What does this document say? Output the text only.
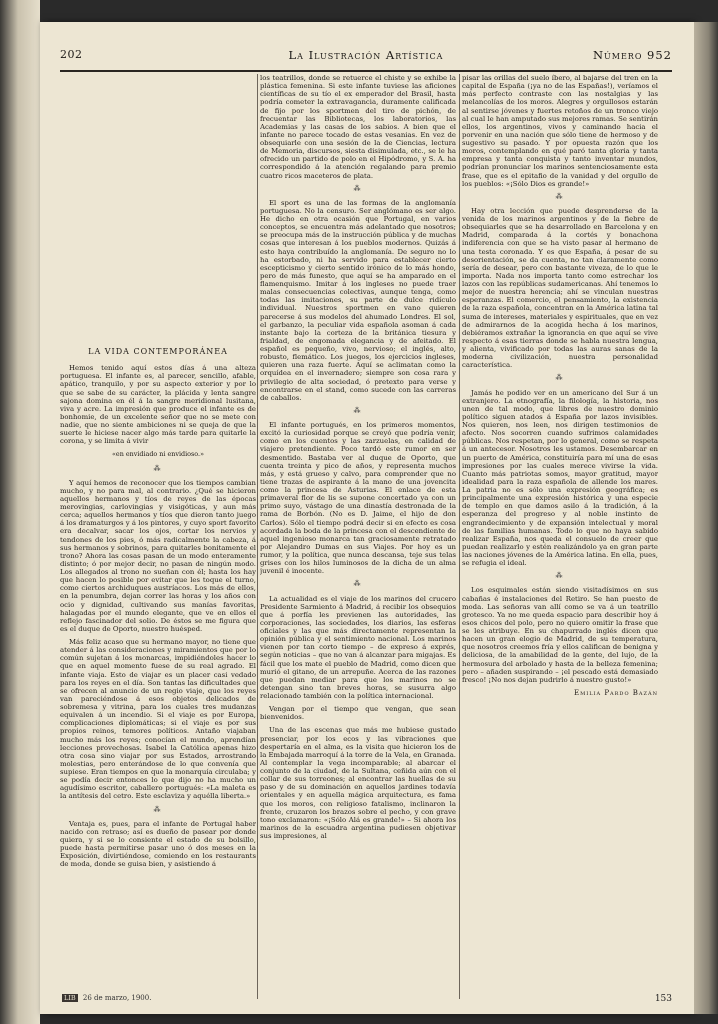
202	La Ilustración Artística	Número 952
LA VIDA CONTEMPORÁNEA

Hemos tenido aquí estos días á una alteza portuguesa. El infante es, al parecer, sencillo, afable, apático, tranquilo, y por su aspecto exterior y por lo que se sabe de su carácter, la plácida y lenta sangre sajona domina en él á la sangre meridional lusitana, viva y acre. La impresión que produce el infante es de bonhomie, de un excelente señor que no se mete con nadie, que no siente ambiciones ni se queja de que la suerte le hiciese nacer algo más tarde para quitarle la corona, y se limita á vivir

«en envidiado ni envidioso.»
⁂

Y aquí hemos de reconocer que los tiempos cambian mucho, y no para mal, al contrario. ¿Qué se hicieron aquellos hermanos y tíos de reyes de las épocas merovingias, carlovingias y visigóticas, y aun más cerca; aquellos hermanos y tíos que dieron tanto juego á los dramaturgos y á los pintores, y cuyo sport favorito era decalvar, sacar los ojos, cortar los nervios y tendones de los pies, ó más radicalmente la cabeza, á sus hermanos y sobrinos, para quitarles bonitamente el trono? Ahora las cosas pasan de un modo enteramente distinto; ó por mejor decir, no pasan de ningún modo. Los allegados al trono no sueñan con él; hasta los hay que hacen lo posible por evitar que les toque el turno, como ciertos archiduques austríacos. Los más de ellos, en la penumbra, dejan correr las horas y los años con ocio y dignidad, cultivando sus manías favoritas, halagadas por el mundo elegante, que ve en ellos el reflejo fascinador del solio. De éstos se me figura que es el duque de Oporto, nuestro huésped.

Más feliz acaso que su hermano mayor, no tiene que atender á las consideraciones y miramientos que por lo común sujetan á los monarcas, impidiéndoles hacer lo que en aquel momento fuese de su real agrado. El infante viaja. Esto de viajar es un placer casi vedado para los reyes en el día. Son tantas las dificultades que se ofrecen al anuncio de un regio viaje, que los reyes van pareciéndose á esos objetos delicados de sobremesa y vitrina, para los cuales tres mudanzas equivalen á un incendio. Si el viaje es por Europa, complicaciones diplomáticas; si el viaje es por sus propios reinos, temores políticos. Antaño viajaban mucho más los reyes; conocían el mundo, aprendían lecciones provechosas. Isabel la Católica apenas hizo otra cosa sino viajar por sus Estados, arrostrando molestias, pero enterándose de lo que convenía que supiese. Eran tiempos en que la monarquía circulaba; y se podía decir entonces lo que dijo no ha mucho un agudísimo escritor, caballero portugués: «La maleta es la antítesis del cetro. Este esclaviza y aquélla liberta.»

⁂

Ventaja es, pues, para el infante de Portugal haber nacido con retraso; así es dueño de pasear por donde quiera, y si se lo consiente el estado de su bolsillo, puede hasta permitirse pasar uno ó dos meses en la Exposición, divirtiéndose, comiendo en los restaurants de moda, donde se guisa bien, y asistiendo á

los teatrillos, donde se retuerce el chiste y se exhibe la plástica femenina. Si este infante tuviese las aficiones científicas de su tío el ex emperador del Brasil, hasta podría cometer la extravagancia, duramente calificada de fijo por los sportmen del tiro de pichón, de frecuentar las Bibliotecas, los laboratorios, las Academias y las casas de los sabios. A bien que el infante no parece tocado de estas vesanias. En vez de obsequiarle con una sesión de la de Ciencias, lectura de Memoria, discursos, siesta disimulada, etc., se le ha ofrecido un partido de polo en el Hipódromo, y S. A. ha correspondido á la atención regalando para premio cuatro ricos maceteros de plata.

⁂

El sport es una de las formas de la anglomanía portuguesa. No la censuro. Ser anglómano es ser algo. He dicho en otra ocasión que Portugal, en varios conceptos, se encuentra más adelantado que nosotros; se preocupa más de la instrucción pública y de muchas cosas que interesan á los pueblos modernos. Quizás á esto haya contribuído la anglomanía. De seguro no lo ha estorbado, ni ha servido para establecer cierto escepticismo y cierto sentido irónico de lo más hondo, pero de más funesto, que aquí se ha amparado en el flamenquismo. Imitar á los ingleses no puede traer malas consecuencias colectivas, aunque tenga, como todas las imitaciones, su parte de dulce ridículo individual. Nuestros sportmen en vano quieren parecerse á sus modelos del ahumado Londres. El sol, el garbanzo, la peculiar vida española asoman á cada instante bajo la corteza de la británica tiesura y frialdad, de engomada elegancia y de afeitado. El español es pequeño, vivo, nervioso; el inglés, alto, robusto, flemático. Los juegos, los ejercicios ingleses, quieren una raza fuerte. Aquí se aclimatan como la orquídea en el invernadero; siempre son cosa rara y privilegio de alta sociedad, ó pretexto para verse y encontrarse en el stand, como sucede con las carreras de caballos.

⁂

El infante portugués, en los primeros momentos, excitó la curiosidad porque se creyó que podría venir, como en los cuentos y las zarzuelas, en calidad de viajero pretendiente. Poco tardó este rumor en ser desmentido. Bastaba ver al duque de Oporto, que cuenta treinta y pico de años, y representa muchos más, y está grueso y calvo, para comprender que no tiene trazas de aspirante á la mano de una jovencita como la princesa de Asturias. El enlace de esta primaveral flor de lis se supone concertado ya con un primo suyo, vástago de una dinastía destronada de la rama de Borbón. (No es D. Jaime, el hijo de don Carlos). Sólo el tiempo podrá decir si en efecto es cosa acordada la boda de la princesa con el descendiente de aquel ingenioso monarca tan graciosamente retratado por Alejandro Dumas en sus Viajes. Por hoy es un rumor, y la política, que nunca descansa, teje sus telas grises con los hilos luminosos de la dicha de un alma juvenil é inocente.

⁂

La actualidad es el viaje de los marinos del crucero Presidente Sarmiento á Madrid, á recibir los obsequios que á porfía les previenen las autoridades, las corporaciones, las sociedades, los diarios, las esferas oficiales y las que más directamente representan la opinión pública y el sentimiento nacional. Los marinos vienen por tan corto tiempo – de expreso á exprés, según noticias – que no van á alcanzar para migajas. Es fácil que los mate el pueblo de Madrid, como dicen que murió el gitano, de un arrepuñe. Acerca de las razones que puedan mediar para que los marinos no se detengan sino tan breves horas, se susurra algo relacionado también con la política internacional.

Vengan por el tiempo que vengan, que sean bienvenidos.

Una de las escenas que más me hubiese gustado presenciar, por los ecos y las vibraciones que despertaría en el alma, es la visita que hicieron los de la Embajada marroquí á la torre de la Vela, en Granada. Al contemplar la vega incomparable; al abarcar el conjunto de la ciudad, de la Sultana, ceñida aún con el collar de sus torreones; al encontrar las huellas de su paso y de su dominación en aquellos jardines todavía orientales y en aquella mágica arquitectura, es fama que los moros, con religioso fatalismo, inclinaron la frente, cruzaron los brazos sobre el pecho, y con grave tono exclamaron: «¡Sólo Alá es grande!» – Si ahora los marinos de la escuadra argentina pudiesen objetivar sus impresiones, al

pisar las orillas del suelo íbero, al bajarse del tren en la capital de España (¡ya no de las Españas!), veríamos el más perfecto contraste con las nostalgias y las melancolías de los moros. Alegres y orgullosos estarán al sentirse jóvenes y fuertes retoños de un tronco viejo al cual le han amputado sus mejores ramas. Se sentirán ellos, los argentinos, vivos y caminando hacia el porvenir en una nación que sólo tiene de hermoso y de sugestivo su pasado. Y por opuesta razón que los moros, contemplando en qué paró tanta gloria y tanta empresa y tanta conquista y tanto inventar mundos, podrían pronunciar los marinos sentenciosamente esta frase, que es el epitafio de la vanidad y del orgullo de los pueblos: «¡Sólo Dios es grande!»

⁂

Hay otra lección que puede desprenderse de la venida de los marinos argentinos y de la fiebre de obsequiarles que se ha desarrollado en Barcelona y en Madrid, comparada á la cortés y bonachona indiferencia con que se ha visto pasar al hermano de una testa coronada. Y es que España, á pesar de su desorientación, se da cuenta, no tan claramente como sería de desear, pero con bastante viveza, de lo que le importa. Nada nos importa tanto como estrechar los lazos con las repúblicas sudamericanas. Ahí tenemos lo mejor de nuestra herencia; ahí se vinculan nuestras esperanzas. El comercio, el pensamiento, la existencia de la raza española, concentran en la América latina tal suma de intereses, materiales y espirituales, que en vez de admirarnos de la acogida hecha á los marinos, debiéramos extrañar la ignorancia en que aquí se vive respecto á esas tierras donde se habla nuestra lengua, y alienta, vivificado por todas las auras sanas de la moderna civilización, nuestra personalidad característica.

⁂

Jamás he podido ver en un americano del Sur á un extranjero. La etnografía, la filología, la historia, nos unen de tal modo, que libres de nuestro dominio político siguen atados á España por lazos invisibles. Nos quieren, nos leen, nos dirigen testimonios de afecto. Nos socorren cuando sufrimos calamidades públicas. Nos respetan, por lo general, como se respeta á un antecesor. Nosotros les ustamos. Desembarcar en un puerto de América, constituiría para mí una de esas impresiones por las cuales merece vivirse la vida. Cuanto más patriotas somos, mayor gratitud, mayor idealidad para la raza española de allende los mares. La patria no es sólo una expresión geográfica; es principalmente una expresión histórica y una especie de templo en que damos asilo á la tradición, á la esperanza del progreso y al noble instinto de engrandecimiento y de expansión intelectual y moral de las familias humanas. Todo lo que no haya sabido realizar España, nos queda el consuelo de creer que puedan realizarlo y estén realizándolo ya en gran parte las naciones jóvenes de la América latina. En ella, pues, se refugia el ideal.

⁂

Los esquimales están siendo visitadísimos en sus cabañas é instalaciones del Retiro. Se han puesto de moda. Las señoras van allí como se va á un teatrillo grotesco. Ya no me queda espacio para describir hoy á esos chicos del polo, pero no quiero omitir la frase que se les atribuye. En su chapurrado inglés dicen que hacen un gran elogio de Madrid, de su temperatura, que nosotros creemos fría y ellos califican de benigna y deliciosa, de la amabilidad de la gente, del lujo, de la hermosura del arbolado y hasta de la belleza femenina; pero – añaden suspirando – ¡el pescado está demasiado fresco! ¡No nos dejan pudrirlo á nuestro gusto!»

Emilia Pardo Bazán
LIB 26 de marzo, 1900.	153
